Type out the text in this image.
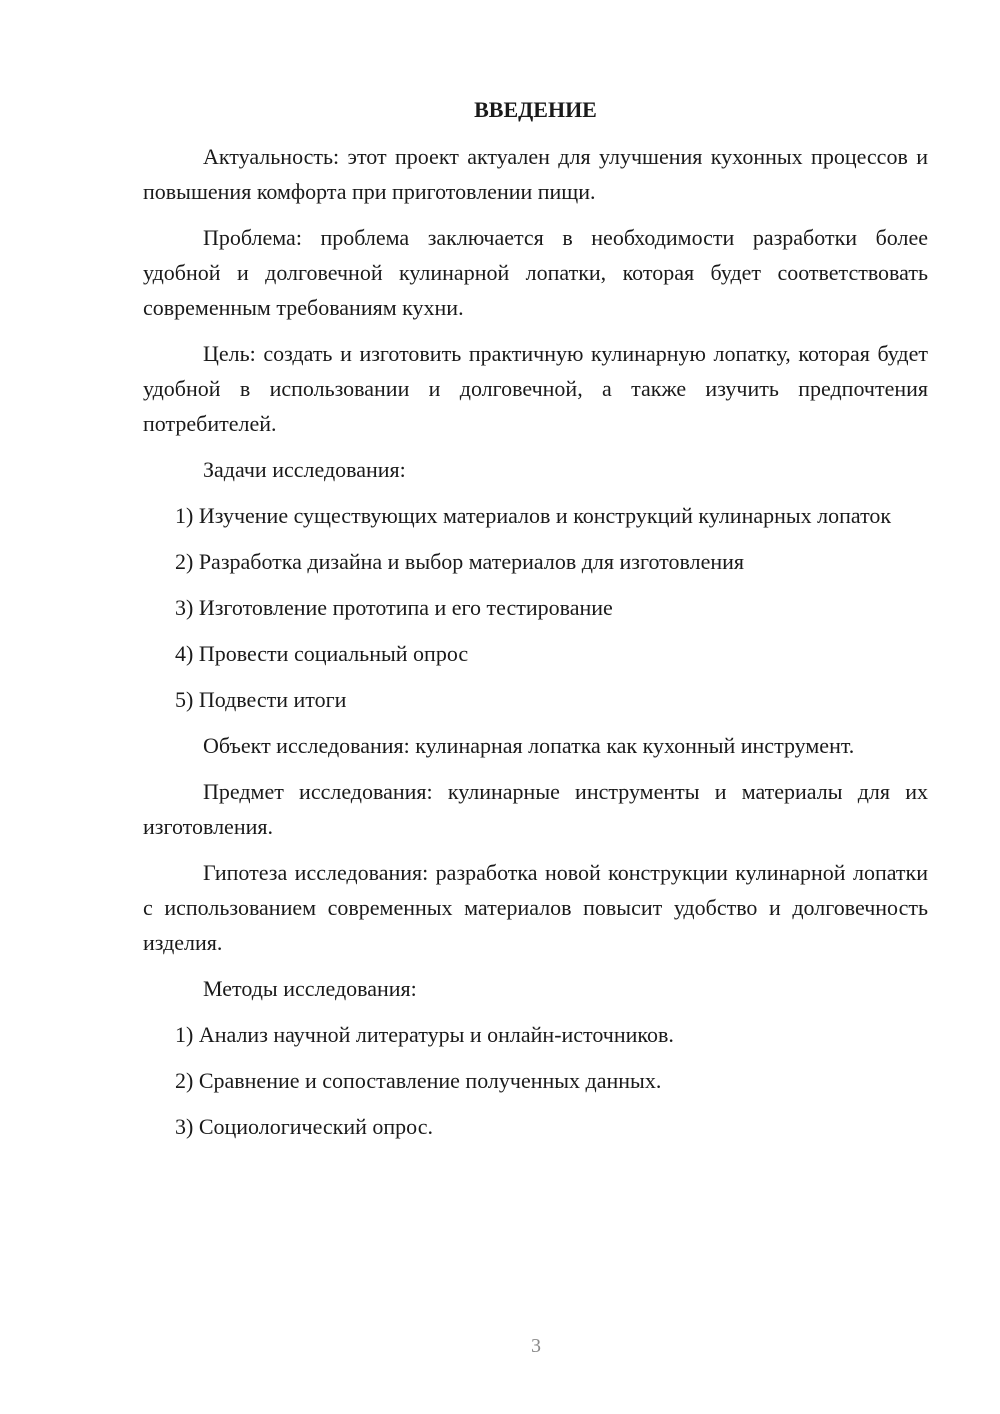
ВВЕДЕНИЕ

Актуальность: этот проект актуален для улучшения кухонных процессов и повышения комфорта при приготовлении пищи.

Проблема: проблема заключается в необходимости разработки более удобной и долговечной кулинарной лопатки, которая будет соответствовать современным требованиям кухни.

Цель: создать и изготовить практичную кулинарную лопатку, которая будет удобной в использовании и долговечной, а также изучить предпочтения потребителей.

Задачи исследования:

1) Изучение существующих материалов и конструкций кулинарных лопаток

2) Разработка дизайна и выбор материалов для изготовления

3) Изготовление прототипа и его тестирование

4) Провести социальный опрос

5) Подвести итоги

Объект исследования: кулинарная лопатка как кухонный инструмент.

Предмет исследования: кулинарные инструменты и материалы для их изготовления.

Гипотеза исследования: разработка новой конструкции кулинарной лопатки с использованием современных материалов повысит удобство и долговечность изделия.

Методы исследования:

1) Анализ научной литературы и онлайн-источников.

2) Сравнение и сопоставление полученных данных.

3) Социологический опрос.

3
